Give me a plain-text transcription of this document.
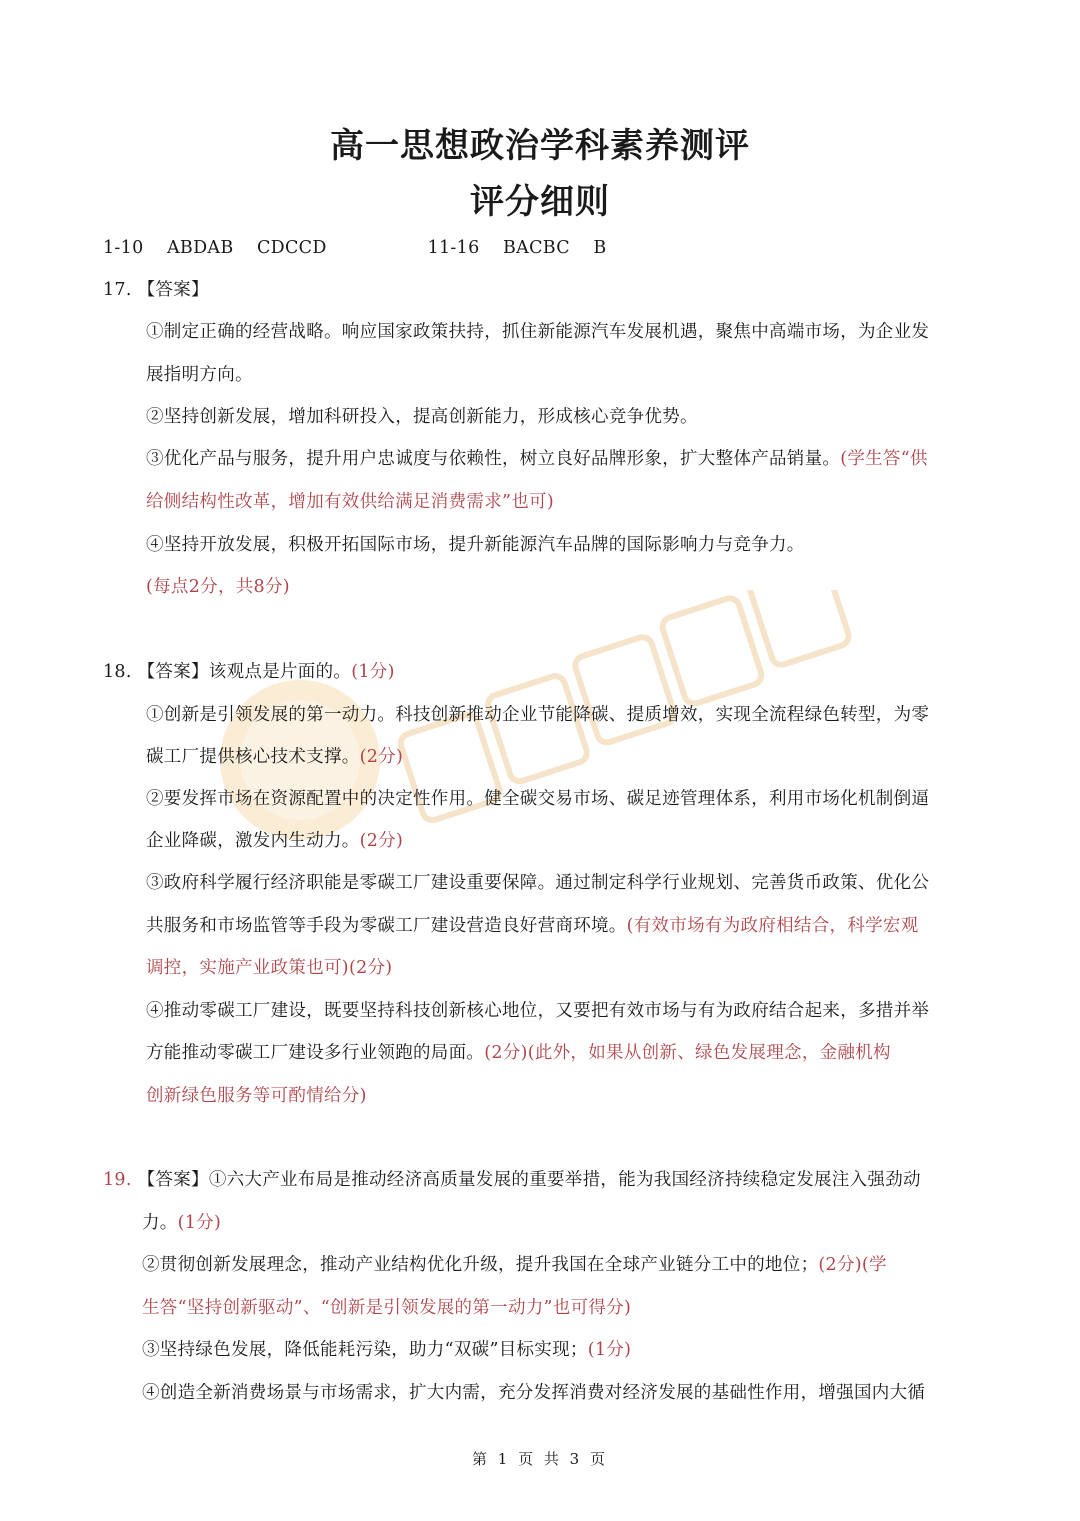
高一思想政治学科素养测评
评分细则

1-10 ABDAB CDCCD	11-16 BACBC B

17. 【答案】

①制定正确的经营战略。响应国家政策扶持，抓住新能源汽车发展机遇，聚焦中高端市场，为企业发

展指明方向。

②坚持创新发展，增加科研投入，提高创新能力，形成核心竞争优势。

③优化产品与服务，提升用户忠诚度与依赖性，树立良好品牌形象，扩大整体产品销量。(学生答“供

给侧结构性改革，增加有效供给满足消费需求”也可)

④坚持开放发展，积极开拓国际市场，提升新能源汽车品牌的国际影响力与竞争力。

(每点2分，共8分)

18. 【答案】该观点是片面的。(1分)

①创新是引领发展的第一动力。科技创新推动企业节能降碳、提质增效，实现全流程绿色转型，为零

碳工厂提供核心技术支撑。(2分)

②要发挥市场在资源配置中的决定性作用。健全碳交易市场、碳足迹管理体系，利用市场化机制倒逼

企业降碳，激发内生动力。(2分)

③政府科学履行经济职能是零碳工厂建设重要保障。通过制定科学行业规划、完善货币政策、优化公

共服务和市场监管等手段为零碳工厂建设营造良好营商环境。(有效市场有为政府相结合，科学宏观

调控，实施产业政策也可)(2分)

④推动零碳工厂建设，既要坚持科技创新核心地位，又要把有效市场与有为政府结合起来，多措并举

方能推动零碳工厂建设多行业领跑的局面。(2分)(此外，如果从创新、绿色发展理念，金融机构

创新绿色服务等可酌情给分)

19. 【答案】①六大产业布局是推动经济高质量发展的重要举措，能为我国经济持续稳定发展注入强劲动

力。(1分)

②贯彻创新发展理念，推动产业结构优化升级，提升我国在全球产业链分工中的地位；(2分)(学

生答“坚持创新驱动”、“创新是引领发展的第一动力”也可得分)

③坚持绿色发展，降低能耗污染，助力“双碳”目标实现；(1分)

④创造全新消费场景与市场需求，扩大内需，充分发挥消费对经济发展的基础性作用，增强国内大循

第 1 页 共 3 页
